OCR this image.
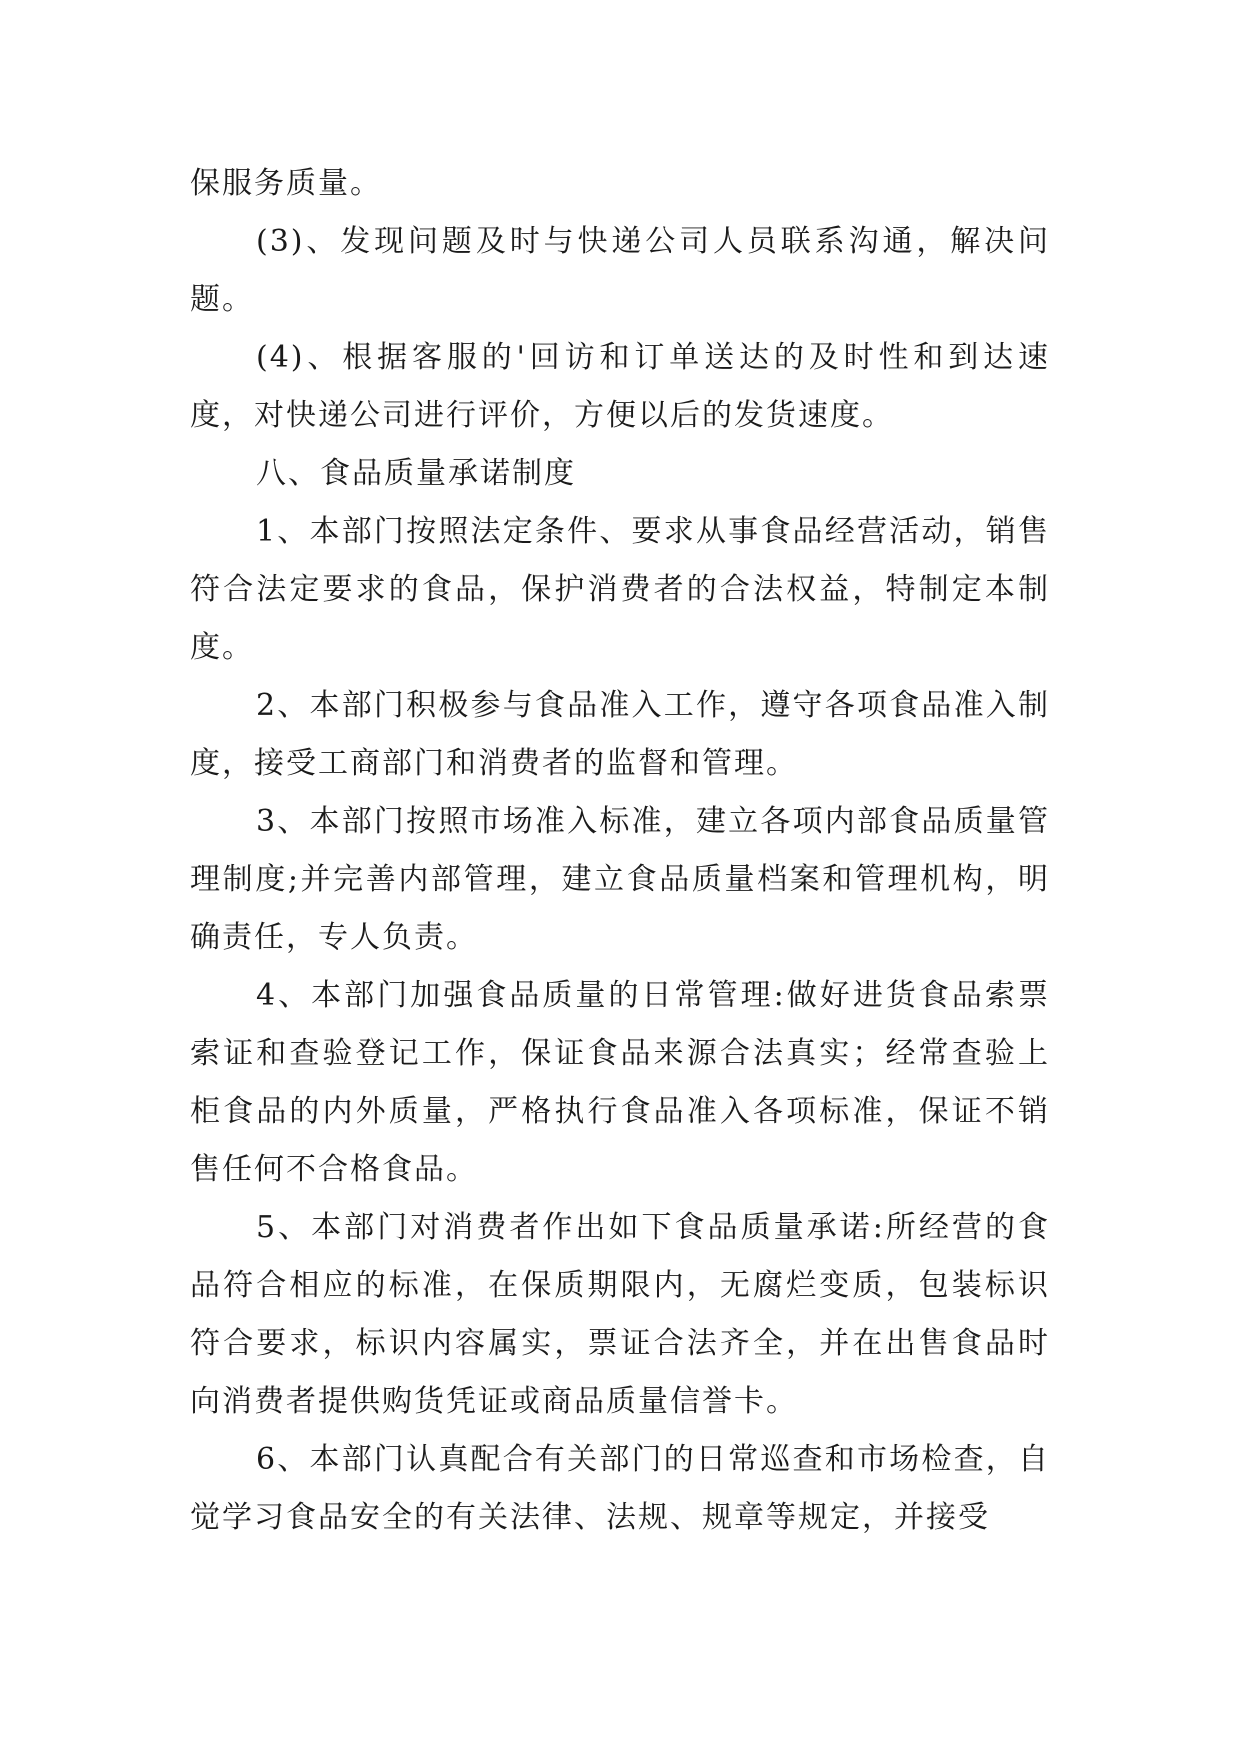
保服务质量。

(3)、发现问题及时与快递公司人员联系沟通，解决问题。

(4)、根据客服的'回访和订单送达的及时性和到达速度，对快递公司进行评价，方便以后的发货速度。

八、食品质量承诺制度

1、本部门按照法定条件、要求从事食品经营活动，销售符合法定要求的食品，保护消费者的合法权益，特制定本制度。

2、本部门积极参与食品准入工作，遵守各项食品准入制度，接受工商部门和消费者的监督和管理。

3、本部门按照市场准入标准，建立各项内部食品质量管理制度;并完善内部管理，建立食品质量档案和管理机构，明确责任，专人负责。

4、本部门加强食品质量的日常管理:做好进货食品索票索证和查验登记工作，保证食品来源合法真实；经常查验上柜食品的内外质量，严格执行食品准入各项标准，保证不销售任何不合格食品。

5、本部门对消费者作出如下食品质量承诺:所经营的食品符合相应的标准，在保质期限内，无腐烂变质，包装标识符合要求，标识内容属实，票证合法齐全，并在出售食品时向消费者提供购货凭证或商品质量信誉卡。

6、本部门认真配合有关部门的日常巡查和市场检查，自觉学习食品安全的有关法律、法规、规章等规定，并接受
